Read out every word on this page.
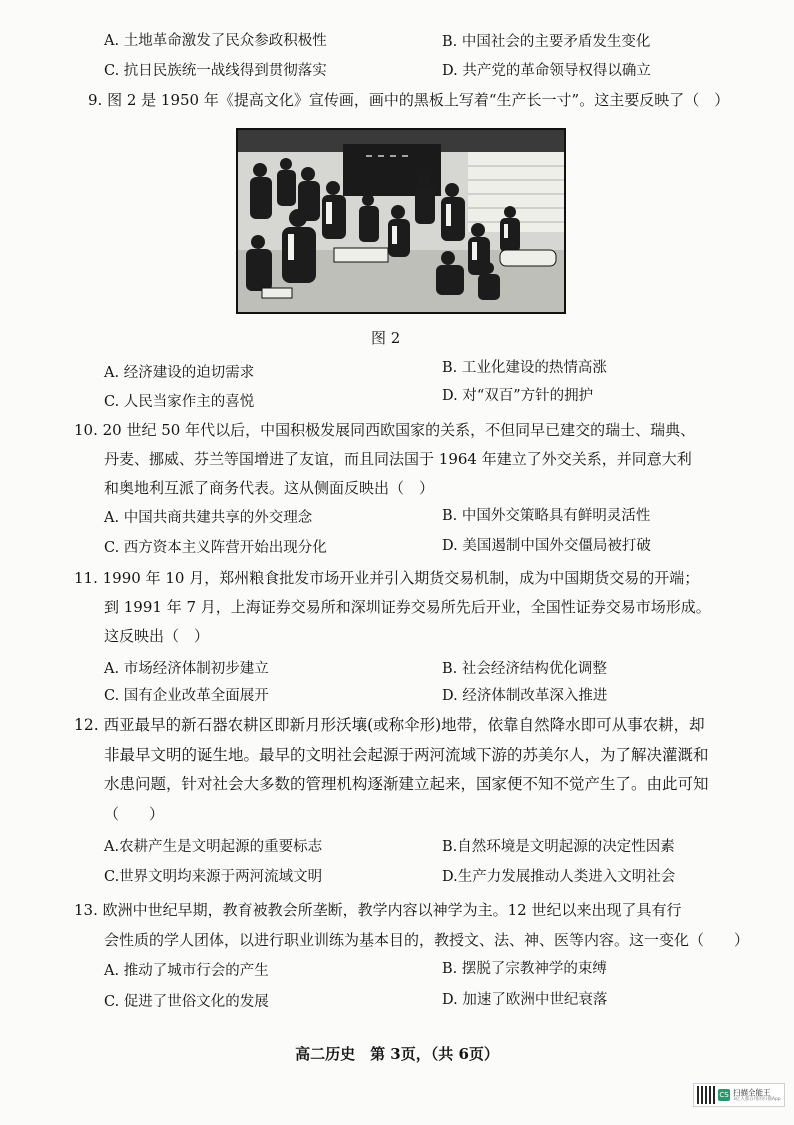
A. 土地革命激发了民众参政积极性	B. 中国社会的主要矛盾发生变化
C. 抗日民族统一战线得到贯彻落实	D. 共产党的革命领导权得以确立
9. 图 2 是 1950 年《提高文化》宣传画，画中的黑板上写着“生产长一寸”。这主要反映了（　）
图 2
A. 经济建设的迫切需求	B. 工业化建设的热情高涨
C. 人民当家作主的喜悦	D. 对“双百”方针的拥护
10. 20 世纪 50 年代以后，中国积极发展同西欧国家的关系，不但同早已建交的瑞士、瑞典、
丹麦、挪威、芬兰等国增进了友谊，而且同法国于 1964 年建立了外交关系，并同意大利
和奥地利互派了商务代表。这从侧面反映出（　）
A. 中国共商共建共享的外交理念	B. 中国外交策略具有鲜明灵活性
C. 西方资本主义阵营开始出现分化	D. 美国遏制中国外交僵局被打破
11. 1990 年 10 月，郑州粮食批发市场开业并引入期货交易机制，成为中国期货交易的开端；
到 1991 年 7 月，上海证券交易所和深圳证券交易所先后开业，全国性证券交易市场形成。
这反映出（　）
A. 市场经济体制初步建立	B. 社会经济结构优化调整
C. 国有企业改革全面展开	D. 经济体制改革深入推进
12. 西亚最早的新石器农耕区即新月形沃壤(或称伞形)地带，依靠自然降水即可从事农耕，却
非最早文明的诞生地。最早的文明社会起源于两河流域下游的苏美尔人，为了解决灌溉和
水患问题，针对社会大多数的管理机构逐渐建立起来，国家便不知不觉产生了。由此可知
（　　）
A.农耕产生是文明起源的重要标志	B.自然环境是文明起源的决定性因素
C.世界文明均来源于两河流域文明	D.生产力发展推动人类进入文明社会
13. 欧洲中世纪早期，教育被教会所垄断，教学内容以神学为主。12 世纪以来出现了具有行
会性质的学人团体，以进行职业训练为基本目的，教授文、法、神、医等内容。这一变化（　　）
A. 推动了城市行会的产生	B. 摆脱了宗教神学的束缚
C. 促进了世俗文化的发展	D. 加速了欧洲中世纪衰落
高二历史　第 3页，（共 6页）
CS 扫描全能王
3亿人都在用的扫描App
